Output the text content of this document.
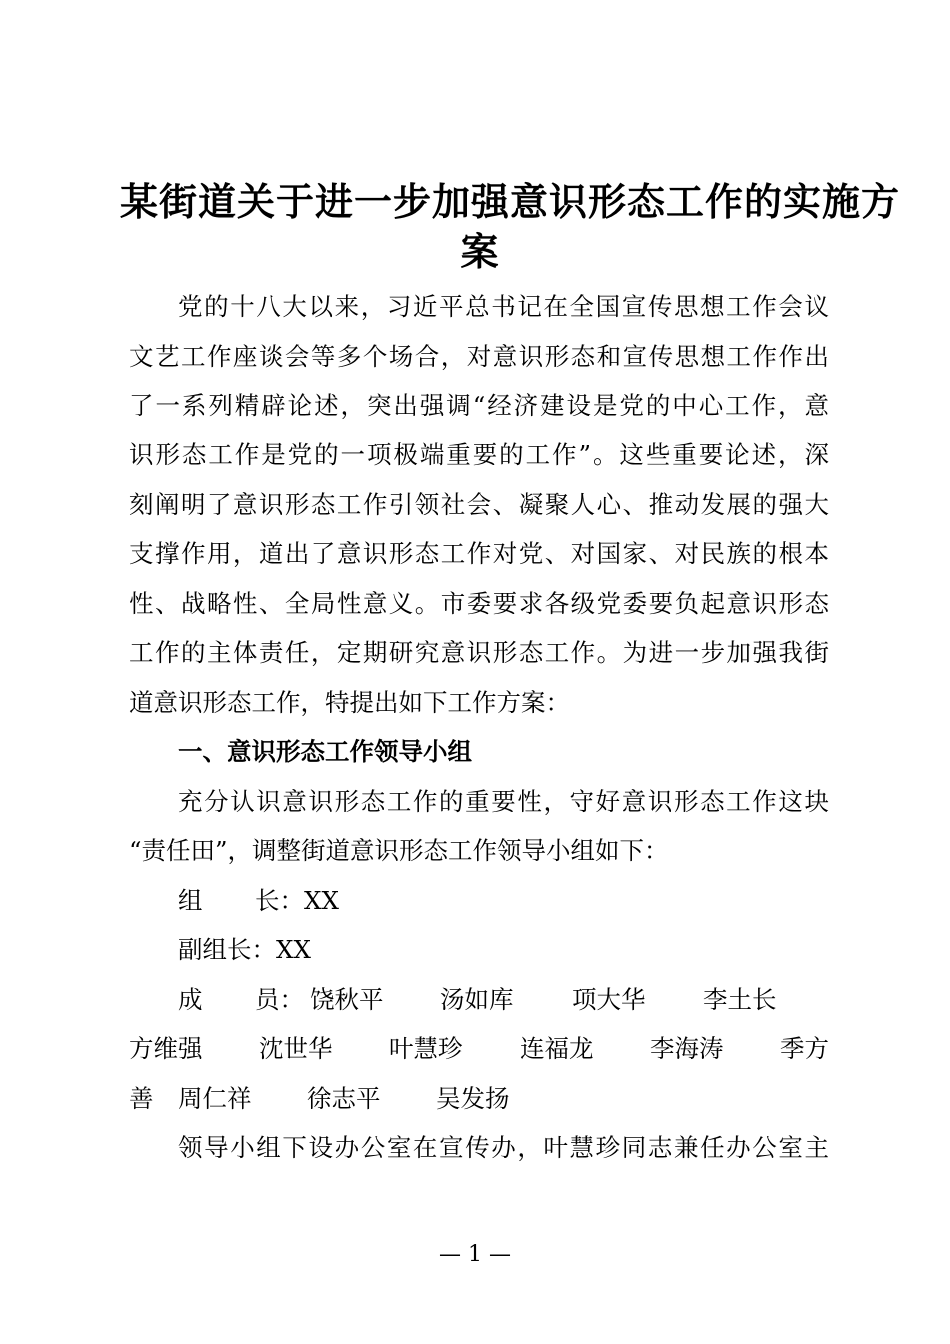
某街道关于进一步加强意识形态工作的实施方
案
党的十八大以来，习近平总书记在全国宣传思想工作会议
文艺工作座谈会等多个场合，对意识形态和宣传思想工作作出
了一系列精辟论述，突出强调“经济建设是党的中心工作，意
识形态工作是党的一项极端重要的工作”。这些重要论述，深
刻阐明了意识形态工作引领社会、凝聚人心、推动发展的强大
支撑作用，道出了意识形态工作对党、对国家、对民族的根本
性、战略性、全局性意义。市委要求各级党委要负起意识形态
工作的主体责任，定期研究意识形态工作。为进一步加强我街
道意识形态工作，特提出如下工作方案：
一、意识形态工作领导小组
充分认识意识形态工作的重要性，守好意识形态工作这块
“责任田”，调整街道意识形态工作领导小组如下：
组 长：XX
副组长：XX
成 员： 饶秋平 汤如库 项大华 李土长
方维强 沈世华 叶慧珍 连福龙 李海涛 季方
善 周仁祥 徐志平 吴发扬
领导小组下设办公室在宣传办，叶慧珍同志兼任办公室主
— 1 —
